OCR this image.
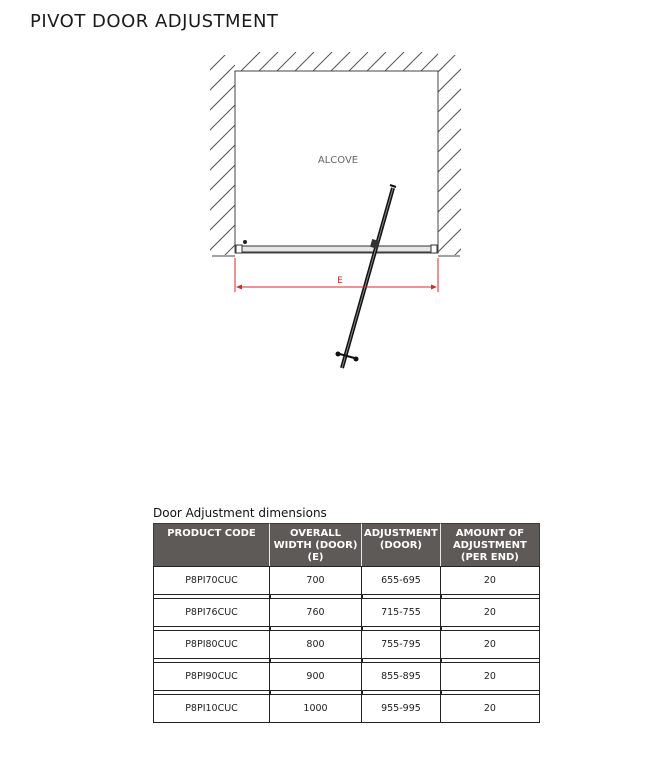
PIVOT DOOR ADJUSTMENT
ALCOVE
E
Door Adjustment dimensions
PRODUCT CODE	OVERALL WIDTH (DOOR) (E)	ADJUSTMENT (DOOR)	AMOUNT OF ADJUSTMENT (PER END)
P8PI70CUC	700	655-695	20

P8PI76CUC	760	715-755	20

P8PI80CUC	800	755-795	20

P8PI90CUC	900	855-895	20

P8PI10CUC	1000	955-995	20
